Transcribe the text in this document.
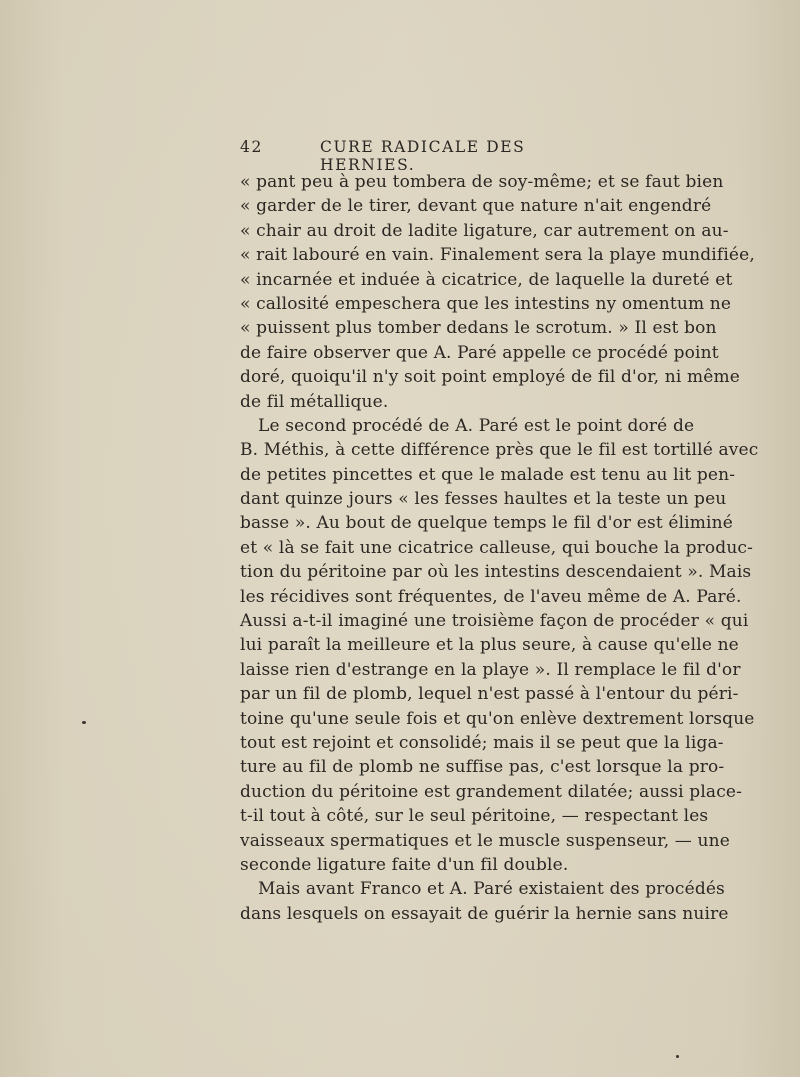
42	CURE RADICALE DES HERNIES.
« pant peu à peu tombera de soy-même; et se faut bien
« garder de le tirer, devant que nature n'ait engendré
« chair au droit de ladite ligature, car autrement on au-
« rait labouré en vain. Finalement sera la playe mundifiée,
« incarnée et induée à cicatrice, de laquelle la dureté et
« callosité empeschera que les intestins ny omentum ne
« puissent plus tomber dedans le scrotum. » Il est bon
de faire observer que A. Paré appelle ce procédé point
doré, quoiqu'il n'y soit point employé de fil d'or, ni même
de fil métallique.
Le second procédé de A. Paré est le point doré de
B. Méthis, à cette différence près que le fil est tortillé avec
de petites pincettes et que le malade est tenu au lit pen-
dant quinze jours « les fesses haultes et la teste un peu
basse ». Au bout de quelque temps le fil d'or est éliminé
et « là se fait une cicatrice calleuse, qui bouche la produc-
tion du péritoine par où les intestins descendaient ». Mais
les récidives sont fréquentes, de l'aveu même de A. Paré.
Aussi a-t-il imaginé une troisième façon de procéder « qui
lui paraît la meilleure et la plus seure, à cause qu'elle ne
laisse rien d'estrange en la playe ». Il remplace le fil d'or
par un fil de plomb, lequel n'est passé à l'entour du péri-
toine qu'une seule fois et qu'on enlève dextrement lorsque
tout est rejoint et consolidé; mais il se peut que la liga-
ture au fil de plomb ne suffise pas, c'est lorsque la pro-
duction du péritoine est grandement dilatée; aussi place-
t-il tout à côté, sur le seul péritoine, — respectant les
vaisseaux spermatiques et le muscle suspenseur, — une
seconde ligature faite d'un fil double.
Mais avant Franco et A. Paré existaient des procédés
dans lesquels on essayait de guérir la hernie sans nuire
